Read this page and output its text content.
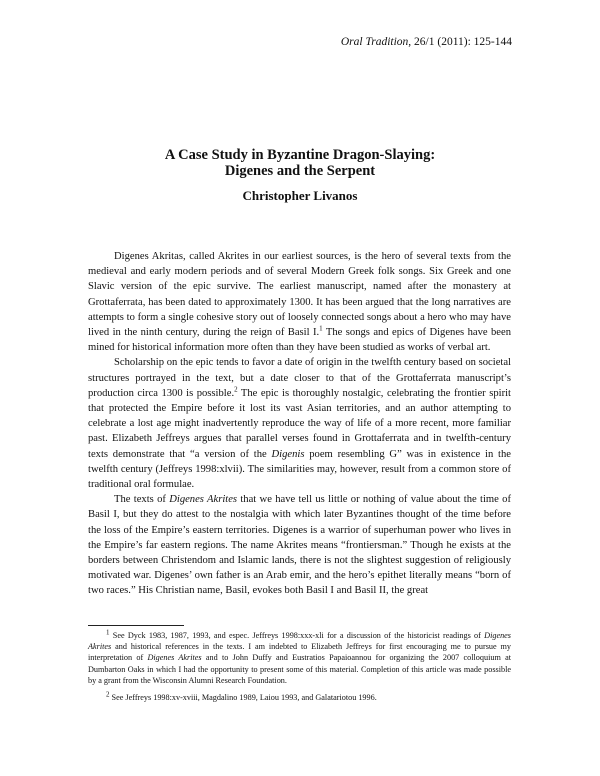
Oral Tradition, 26/1 (2011): 125-144
A Case Study in Byzantine Dragon-Slaying:
Digenes and the Serpent
Christopher Livanos

Digenes Akritas, called Akrites in our earliest sources, is the hero of several texts from the medieval and early modern periods and of several Modern Greek folk songs. Six Greek and one Slavic version of the epic survive. The earliest manuscript, named after the monastery at Grottaferrata, has been dated to approximately 1300. It has been argued that the long narratives are attempts to form a single cohesive story out of loosely connected songs about a hero who may have lived in the ninth century, during the reign of Basil I.$^1$ The songs and epics of Digenes have been mined for historical information more often than they have been studied as works of verbal art.

Scholarship on the epic tends to favor a date of origin in the twelfth century based on societal structures portrayed in the text, but a date closer to that of the Grottaferrata manuscript’s production circa 1300 is possible.$^2$ The epic is thoroughly nostalgic, celebrating the frontier spirit that protected the Empire before it lost its vast Asian territories, and an author attempting to celebrate a lost age might inadvertently reproduce the way of life of a more recent, more familiar past. Elizabeth Jeffreys argues that parallel verses found in Grottaferrata and in twelfth-century texts demonstrate that “a version of the Digenis poem resembling G” was in existence in the twelfth century (Jeffreys 1998:xlvii). The similarities may, however, result from a common store of traditional oral formulae.

The texts of Digenes Akrites that we have tell us little or nothing of value about the time of Basil I, but they do attest to the nostalgia with which later Byzantines thought of the time before the loss of the Empire’s eastern territories. Digenes is a warrior of superhuman power who lives in the Empire’s far eastern regions. The name Akrites means “frontiersman.” Though he exists at the borders between Christendom and Islamic lands, there is not the slightest suggestion of religiously motivated war. Digenes’ own father is an Arab emir, and the hero’s epithet literally means “born of two races.” His Christian name, Basil, evokes both Basil I and Basil II, the great

$^1$ See Dyck 1983, 1987, 1993, and espec. Jeffreys 1998:xxx-xli for a discussion of the historicist readings of Digenes Akrites and historical references in the texts. I am indebted to Elizabeth Jeffreys for first encouraging me to pursue my interpretation of Digenes Akrites and to John Duffy and Eustratios Papaioannou for organizing the 2007 colloquium at Dumbarton Oaks in which I had the opportunity to present some of this material. Completion of this article was made possible by a grant from the Wisconsin Alumni Research Foundation.

$^2$ See Jeffreys 1998:xv-xviii, Magdalino 1989, Laiou 1993, and Galatariotou 1996.
